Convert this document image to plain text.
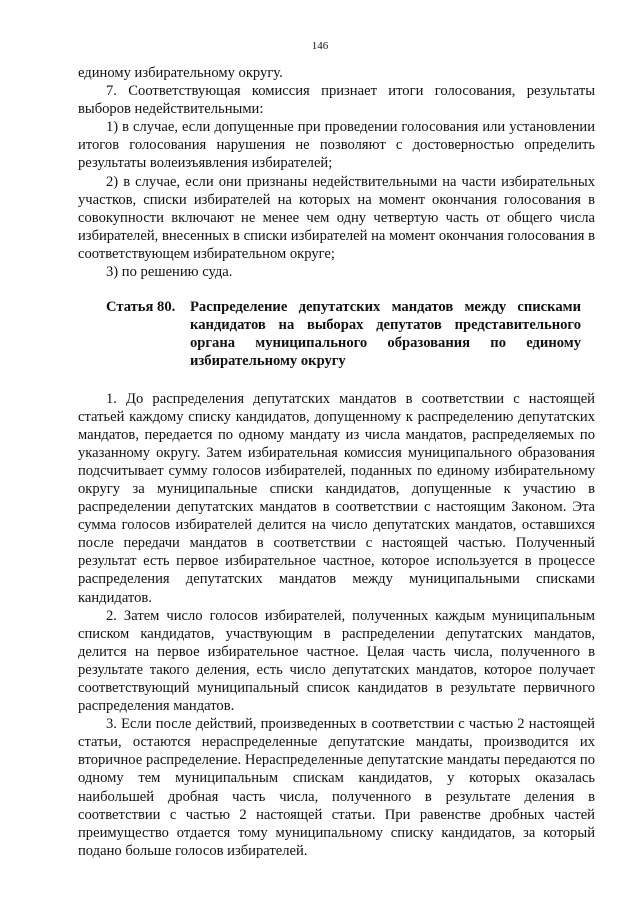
146

единому избирательному округу.

7. Соответствующая комиссия признает итоги голосования, результаты выборов недействительными:

1) в случае, если допущенные при проведении голосования или установлении итогов голосования нарушения не позволяют с достоверностью определить результаты волеизъявления избирателей;

2) в случае, если они признаны недействительными на части избирательных участков, списки избирателей на которых на момент окончания голосования в совокупности включают не менее чем одну четвертую часть от общего числа избирателей, внесенных в списки избирателей на момент окончания голосования в соответствующем избирательном округе;

3) по решению суда.

Статья 80.	Распределение депутатских мандатов между списками кандидатов на выборах депутатов представительного органа муниципального образования по единому избирательному округу

1. До распределения депутатских мандатов в соответствии с настоящей статьей каждому списку кандидатов, допущенному к распределению депутатских мандатов, передается по одному мандату из числа мандатов, распределяемых по указанному округу. Затем избирательная комиссия муниципального образования подсчитывает сумму голосов избирателей, поданных по единому избирательному округу за муниципальные списки кандидатов, допущенные к участию в распределении депутатских мандатов в соответствии с настоящим Законом. Эта сумма голосов избирателей делится на число депутатских мандатов, оставшихся после передачи мандатов в соответствии с настоящей частью. Полученный результат есть первое избирательное частное, которое используется в процессе распределения депутатских мандатов между муниципальными списками кандидатов.

2. Затем число голосов избирателей, полученных каждым муниципальным списком кандидатов, участвующим в распределении депутатских мандатов, делится на первое избирательное частное. Целая часть числа, полученного в результате такого деления, есть число депутатских мандатов, которое получает соответствующий муниципальный список кандидатов в результате первичного распределения мандатов.

3. Если после действий, произведенных в соответствии с частью 2 настоящей статьи, остаются нераспределенные депутатские мандаты, производится их вторичное распределение. Нераспределенные депутатские мандаты передаются по одному тем муниципальным спискам кандидатов, у которых оказалась наибольшей дробная часть числа, полученного в результате деления в соответствии с частью 2 настоящей статьи. При равенстве дробных частей преимущество отдается тому муниципальному списку кандидатов, за который подано больше голосов избирателей.
